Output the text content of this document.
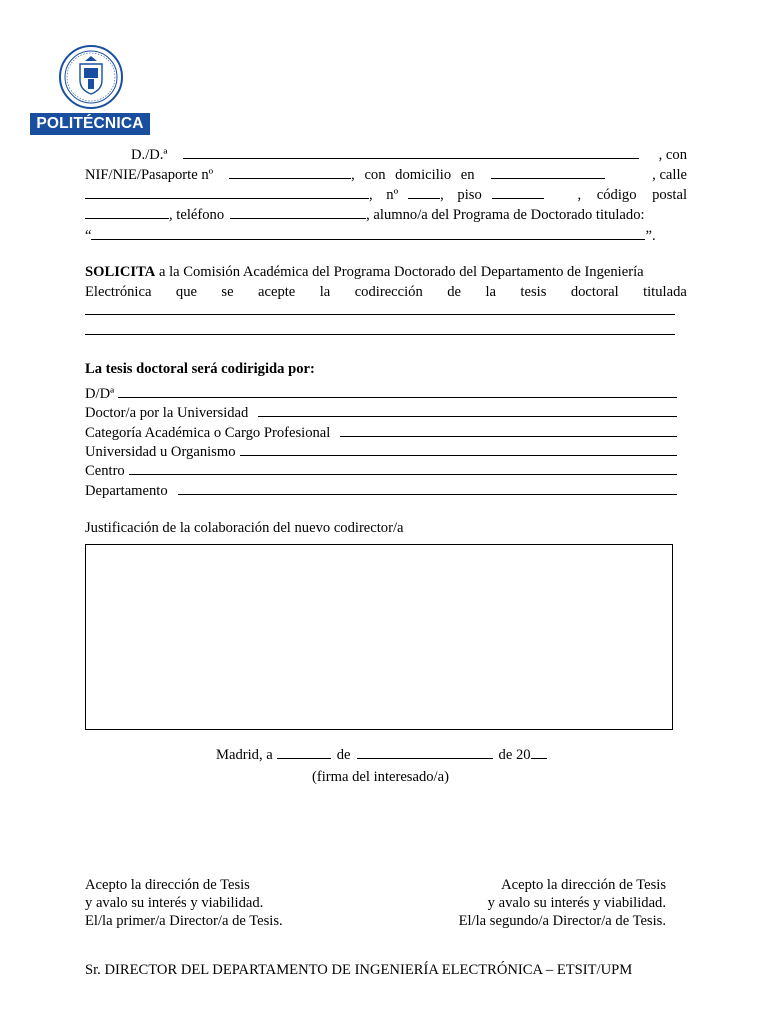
POLITÉCNICA
D./D.ª	, con
NIF/NIE/Pasaporte nº	, con domicilio en	, calle
, nº	, piso	, código postal
, teléfono	, alumno/a del Programa de Doctorado titulado:
“	”.
SOLICITA a la Comisión Académica del Programa Doctorado del Departamento de Ingeniería
Electrónica que se acepte la codirección de la tesis doctoral titulada
La tesis doctoral será codirigida por:
D/Dª
Doctor/a por la Universidad
Categoría Académica o Cargo Profesional
Universidad u Organismo
Centro
Departamento
Justificación de la colaboración del nuevo codirector/a
Madrid, a	de	de 20
(firma del interesado/a)
Acepto la dirección de Tesis
y avalo su interés y viabilidad.
El/la primer/a Director/a de Tesis.
Acepto la dirección de Tesis
y avalo su interés y viabilidad.
El/la segundo/a Director/a de Tesis.
Sr. DIRECTOR DEL DEPARTAMENTO DE INGENIERÍA ELECTRÓNICA – ETSIT/UPM
